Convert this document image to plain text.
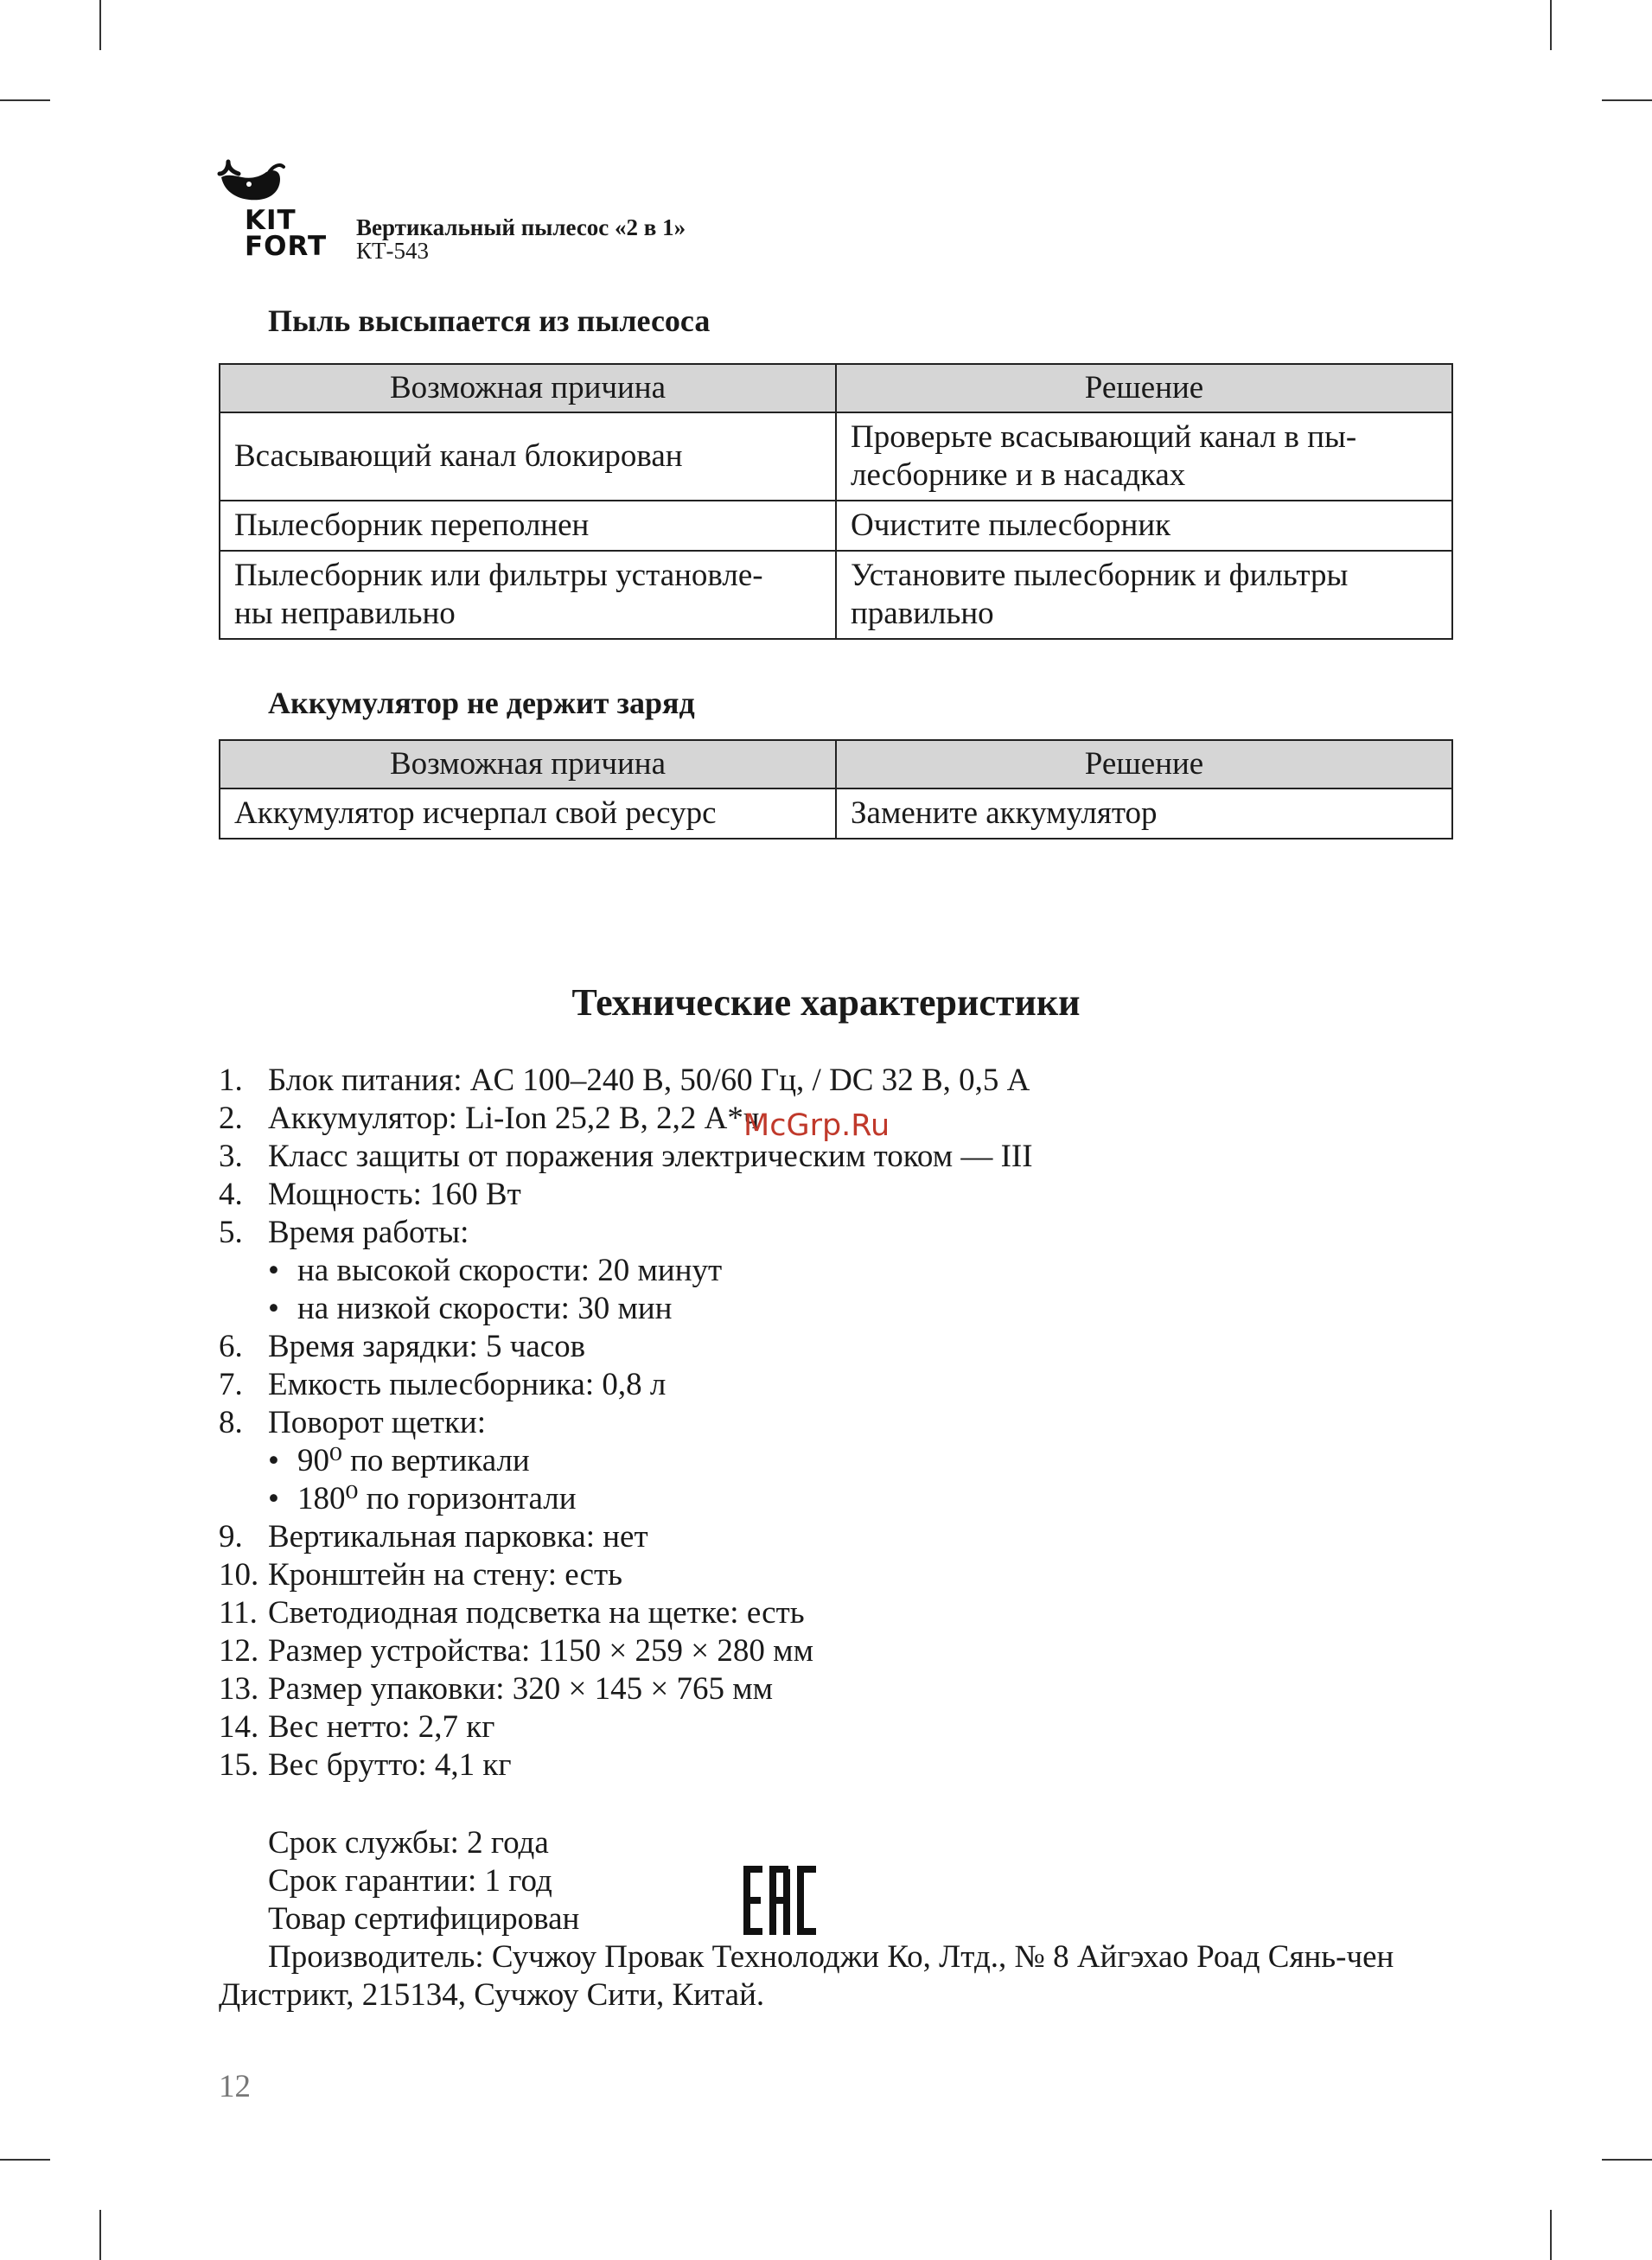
KIT
FORT
Вертикальный пылесос «2 в 1»
КТ-543
Пыль высыпается из пылесоса
Возможная причина	Решение
Всасывающий канал блокирован	Проверьте всасывающий канал в пы-
лесборнике и в насадках
Пылесборник переполнен	Очистите пылесборник
Пылесборник или фильтры установле-
ны неправильно	Установите пылесборник и фильтры
правильно
Аккумулятор не держит заряд
Возможная причина	Решение
Аккумулятор исчерпал свой ресурс	Замените аккумулятор
Технические характеристики
1. Блок питания: AC 100–240 В, 50/60 Гц, / DC 32 В, 0,5 А
2. Аккумулятор: Li-Ion 25,2 В, 2,2 А*ч
3. Класс защиты от поражения электрическим током — III
4. Мощность: 160 Вт
5. Время работы:
• на высокой скорости: 20 минут
• на низкой скорости: 30 мин
6. Время зарядки: 5 часов
7. Емкость пылесборника: 0,8 л
8. Поворот щетки:
• 90⁰ по вертикали
• 180⁰ по горизонтали
9. Вертикальная парковка: нет
10. Кронштейн на стену: есть
11. Светодиодная подсветка на щетке: есть
12. Размер устройства: 1150 × 259 × 280 мм
13. Размер упаковки: 320 × 145 × 765 мм
14. Вес нетто: 2,7 кг
15. Вес брутто: 4,1 кг
Срок службы: 2 года
Срок гарантии: 1 год
Товар сертифицирован
Производитель: Сучжоу Провак Технолоджи Ко, Лтд., № 8 Айгэхао Роад Сянь-чен Дистрикт, 215134, Сучжоу Сити, Китай.
McGrp.Ru
12
